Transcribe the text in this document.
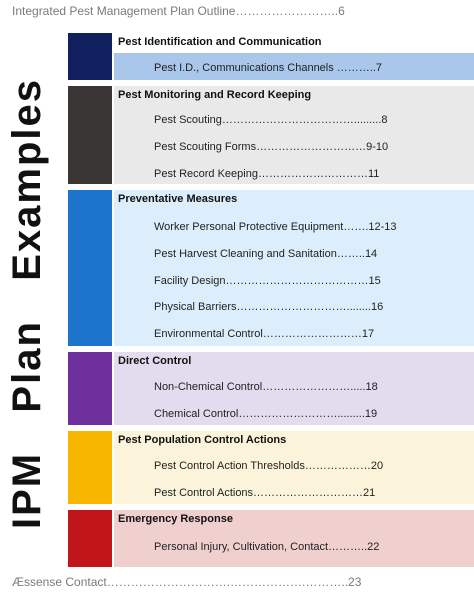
Integrated Pest Management Plan Outline……………………..6
IPM   Plan   Examples
Pest Identification and Communication
Pest I.D., Communications Channels ………..7
Pest Monitoring and Record Keeping
Pest Scouting……………………………….........8
Pest Scouting Forms…………………………9-10
Pest Record Keeping…………………………11
Preventative Measures
Worker Personal Protective Equipment…….12-13
Pest Harvest Cleaning and Sanitation……..14
Facility Design…………………………………15
Physical Barriers…………………………........16
Environmental Control………………………17
Direct Control
Non-Chemical Control…………………….....18
Chemical Control……………………….........19
Pest Population Control Actions
Pest Control Action Thresholds………………20
Pest Control Actions…………………………21
Emergency Response
Personal Injury, Cultivation, Contact………..22
Æssense Contact………………………….……………….………..23
